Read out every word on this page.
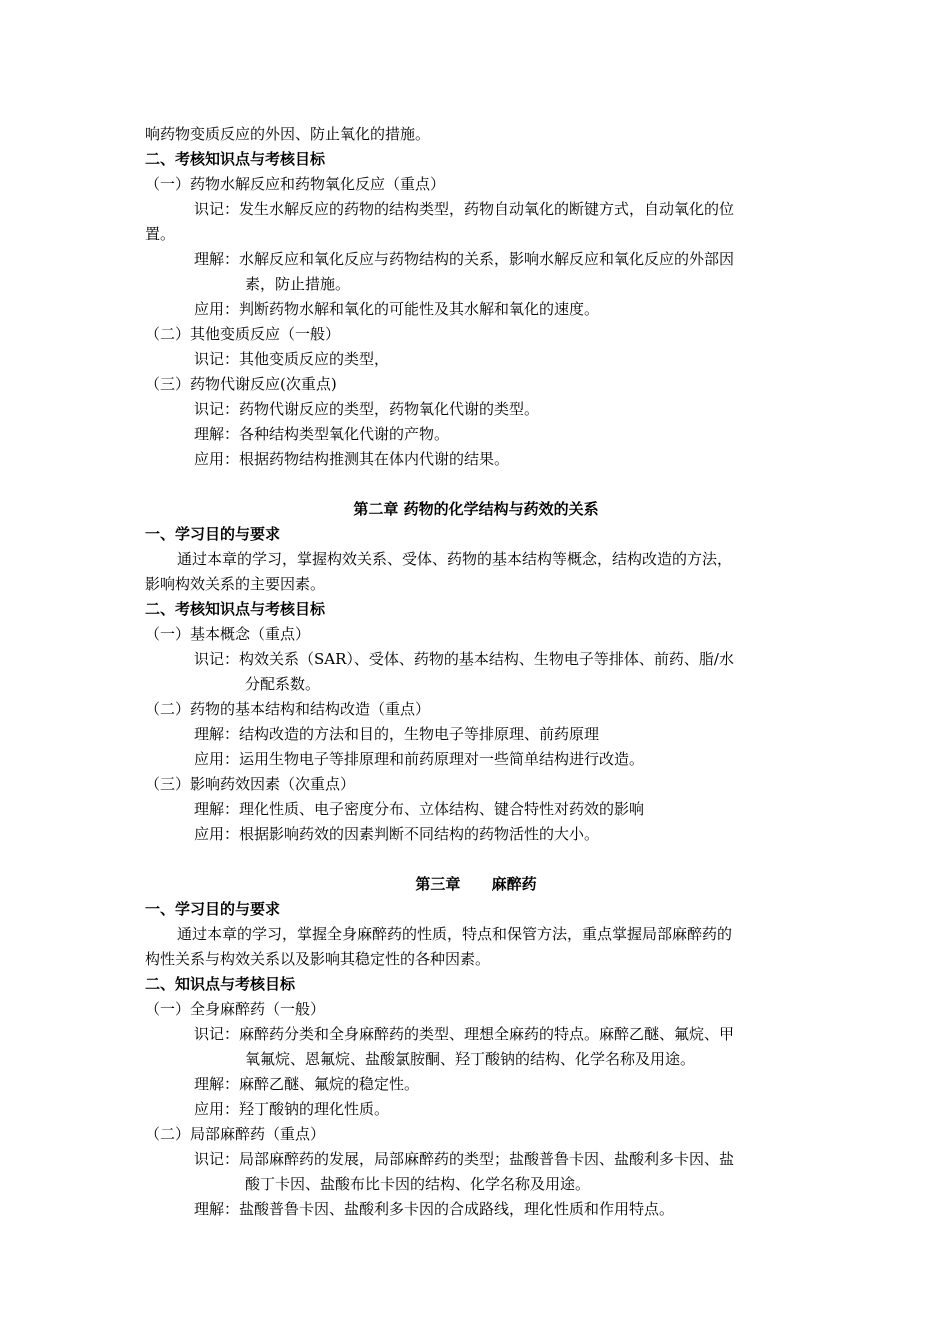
响药物变质反应的外因、防止氧化的措施。
二、考核知识点与考核目标
（一）药物水解反应和药物氧化反应（重点）
识记：发生水解反应的药物的结构类型，药物自动氧化的断键方式，自动氧化的位
置。
理解：水解反应和氧化反应与药物结构的关系，影响水解反应和氧化反应的外部因
素，防止措施。
应用：判断药物水解和氧化的可能性及其水解和氧化的速度。
（二）其他变质反应（一般）
识记：其他变质反应的类型，
（三）药物代谢反应(次重点)
识记：药物代谢反应的类型，药物氧化代谢的类型。
理解：各种结构类型氧化代谢的产物。
应用：根据药物结构推测其在体内代谢的结果。
第二章 药物的化学结构与药效的关系
一、学习目的与要求
通过本章的学习，掌握构效关系、受体、药物的基本结构等概念，结构改造的方法，
影响构效关系的主要因素。
二、考核知识点与考核目标
（一）基本概念（重点）
识记：构效关系（SAR）、受体、药物的基本结构、生物电子等排体、前药、脂/水
分配系数。
（二）药物的基本结构和结构改造（重点）
理解：结构改造的方法和目的，生物电子等排原理、前药原理
应用：运用生物电子等排原理和前药原理对一些简单结构进行改造。
（三）影响药效因素（次重点）
理解：理化性质、电子密度分布、立体结构、键合特性对药效的影响
应用：根据影响药效的因素判断不同结构的药物活性的大小。
第三章      麻醉药
一、学习目的与要求
通过本章的学习，掌握全身麻醉药的性质，特点和保管方法，重点掌握局部麻醉药的
构性关系与构效关系以及影响其稳定性的各种因素。
二、知识点与考核目标
（一）全身麻醉药（一般）
识记：麻醉药分类和全身麻醉药的类型、理想全麻药的特点。麻醉乙醚、氟烷、甲
氧氟烷、恩氟烷、盐酸氯胺酮、羟丁酸钠的结构、化学名称及用途。
理解：麻醉乙醚、氟烷的稳定性。
应用：羟丁酸钠的理化性质。
（二）局部麻醉药（重点）
识记：局部麻醉药的发展，局部麻醉药的类型；盐酸普鲁卡因、盐酸利多卡因、盐
酸丁卡因、盐酸布比卡因的结构、化学名称及用途。
理解：盐酸普鲁卡因、盐酸利多卡因的合成路线，理化性质和作用特点。
